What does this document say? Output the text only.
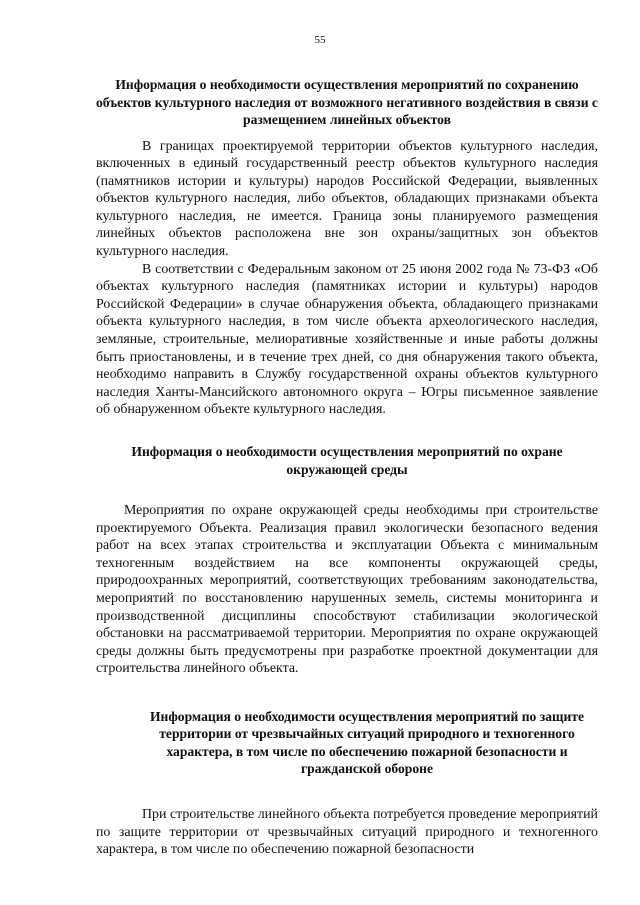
55

Информация о необходимости осуществления мероприятий по сохранению объектов культурного наследия от возможного негативного воздействия в связи с размещением линейных объектов

В границах проектируемой территории объектов культурного наследия, включенных в единый государственный реестр объектов культурного наследия (памятников истории и культуры) народов Российской Федерации, выявленных объектов культурного наследия, либо объектов, обладающих признаками объекта культурного наследия, не имеется. Граница зоны планируемого размещения линейных объектов расположена вне зон охраны/защитных зон объектов культурного наследия.

В соответствии с Федеральным законом от 25 июня 2002 года № 73-ФЗ «Об объектах культурного наследия (памятниках истории и культуры) народов Российской Федерации» в случае обнаружения объекта, обладающего признаками объекта культурного наследия, в том числе объекта археологического наследия, земляные, строительные, мелиоративные хозяйственные и иные работы должны быть приостановлены, и в течение трех дней, со дня обнаружения такого объекта, необходимо направить в Службу государственной охраны объектов культурного наследия Ханты-Мансийского автономного округа – Югры письменное заявление об обнаруженном объекте культурного наследия.

Информация о необходимости осуществления мероприятий по охране окружающей среды

Мероприятия по охране окружающей среды необходимы при строительстве проектируемого Объекта. Реализация правил экологически безопасного ведения работ на всех этапах строительства и эксплуатации Объекта с минимальным техногенным воздействием на все компоненты окружающей среды, природоохранных мероприятий, соответствующих требованиям законодательства, мероприятий по восстановлению нарушенных земель, системы мониторинга и производственной дисциплины способствуют стабилизации экологической обстановки на рассматриваемой территории. Мероприятия по охране окружающей среды должны быть предусмотрены при разработке проектной документации для строительства линейного объекта.

Информация о необходимости осуществления мероприятий по защите территории от чрезвычайных ситуаций природного и техногенного характера, в том числе по обеспечению пожарной безопасности и гражданской обороне

При строительстве линейного объекта потребуется проведение мероприятий по защите территории от чрезвычайных ситуаций природного и техногенного характера, в том числе по обеспечению пожарной безопасности
